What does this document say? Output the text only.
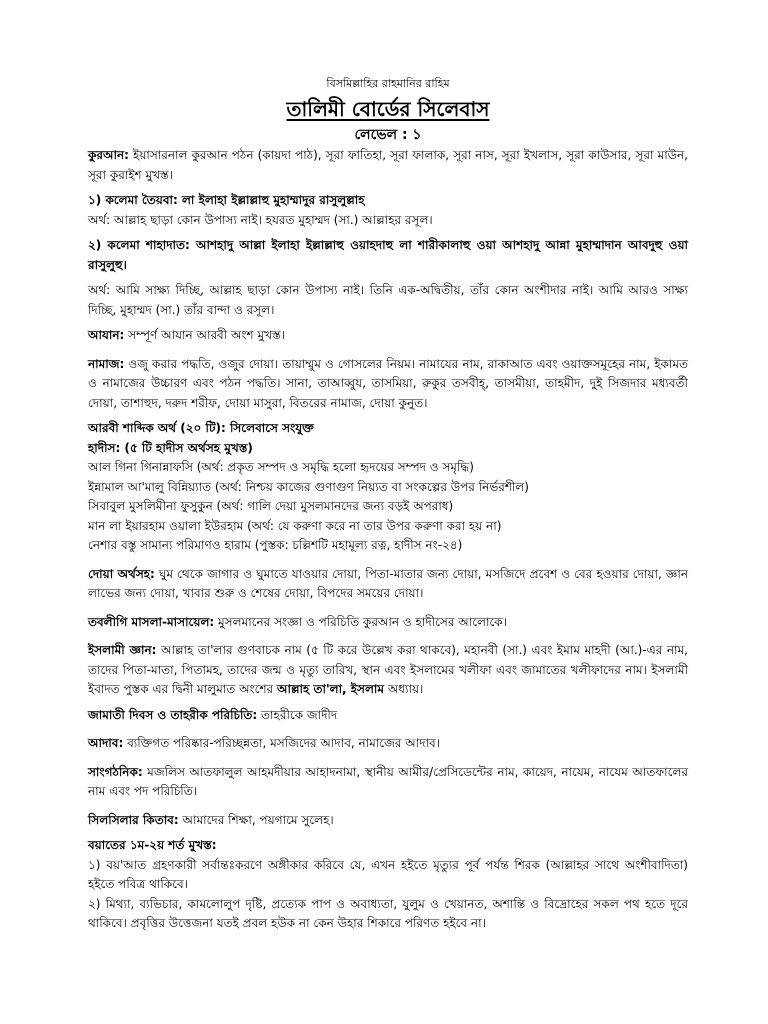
বিসমিল্লাহির রাহমানির রাহিম

তালিমী বোর্ডের সিলেবাস

লেভেল : ১

কুরআন: ইয়াসারনাল কুরআন পঠন (কায়দা পাঠ), সূরা ফাতিহা, সূরা ফালাক, সূরা নাস, সূরা ইখলাস, সূরা কাউসার, সূরা মাউন, সূরা কুরাইশ মুখস্ত।

১) কলেমা তৈয়বা: লা ইলাহা ইল্লাল্লাহু মুহাম্মাদুর রাসুলুল্লাহ

অর্থ: আল্লাহ ছাড়া কোন উপাস্য নাই। হযরত মুহাম্মদ (সা.) আল্লাহর রসূল।

২) কলেমা শাহাদাত: আশহাদু আল্লা ইলাহা ইল্লাল্লাহু ওয়াহদাহু লা শারীকালাহু ওয়া আশহাদু আন্না মুহাম্মাদান আবদুহু ওয়া রাসুলুহু।

অর্থ: আমি সাক্ষ্য দিচ্ছি, আল্লাহ ছাড়া কোন উপাস্য নাই। তিনি এক-অদ্বিতীয়, তাঁর কোন অংশীদার নাই। আমি আরও সাক্ষ্য দিচ্ছি, মুহাম্মদ (সা.) তাঁর বান্দা ও রসূল।

আযান: সম্পূর্ণ আযান আরবী অংশ মুখস্ত।

নামাজ: ওজু করার পদ্ধতি, ওজুর দোয়া। তায়াম্মুম ও গোসলের নিয়ম। নামাযের নাম, রাকাআত এবং ওয়াক্তসমূহের নাম, ইকামত ও নামাজের উচ্চারণ এবং পঠন পদ্ধতি। সানা, তাআব্বুয, তাসমিয়া, রুকুর তসবীহ্, তাসমীয়া, তাহমীদ, দুই সিজদার মধ্যবর্তী দোয়া, তাশাহুদ, দরুদ শরীফ, দোয়া মাসুরা, বিতরের নামাজ, দোয়া কুনুত।

আরবী শাব্দিক অর্থ (২০ টি): সিলেবাসে সংযুক্ত

হাদীস: (৫ টি হাদীস অর্থসহ মুখস্ত)

আল গিনা গিনান্নাফসি (অর্থ: প্রকৃত সম্পদ ও সমৃদ্ধি হলো হৃদয়ের সম্পদ ও সমৃদ্ধি)

ইন্নামাল আ'মালু বিন্নিয়্যাত (অর্থ: নিশ্চয় কাজের গুণাগুণ নিয়্যত বা সংকল্পের উপর নির্ভরশীল)

সিবাবুল মুসলিমীনা ফুসুকুন (অর্থ: গালি দেয়া মুসলমানদের জন্য বড়ই অপরাধ)

মান লা ইয়ারহাম ওয়ালা ইউরহাম (অর্থ: যে করুণা করে না তার উপর করুণা করা হয় না)

নেশার বস্তু সামান্য পরিমাণও হারাম (পুস্তক: চল্লিশটি মহামূল্য রত্ন, হাদীস নং-২৪)

দোয়া অর্থসহ: ঘুম থেকে জাগার ও ঘুমাতে যাওয়ার দোয়া, পিতা-মাতার জন্য দোয়া, মসজিদে প্রবেশ ও বের হওয়ার দোয়া, জ্ঞান লাভের জন্য দোয়া, খাবার শুরু ও শেষের দোয়া, বিপদের সময়ের দোয়া।

তবলীগি মাসলা-মাসায়েল: মুসলমানের সংজ্ঞা ও পরিচিতি কুরআন ও হাদীসের আলোকে।

ইসলামী জ্ঞান: আল্লাহ তা'লার গুণবাচক নাম (৫ টি করে উল্লেখ করা থাকবে), মহানবী (সা.) এবং ইমাম মাহদী (আ.)-এর নাম, তাদের পিতা-মাতা, পিতামহ, তাদের জন্ম ও মৃত্যু তারিখ, স্থান এবং ইসলামের খলীফা এবং জামাতের খলীফাদের নাম। ইসলামী ইবাদত পুস্তক এর দ্বিনী মালুমাত অংশের আল্লাহ তা'লা, ইসলাম অধ্যায়।

জামাতী দিবস ও তাহরীক পরিচিতি: তাহরীকে জাদীদ

আদাব: ব্যক্তিগত পরিষ্কার-পরিচ্ছন্নতা, মসজিদের আদাব, নামাজের আদাব।

সাংগঠনিক: মজলিস আতফালুল আহমদীয়ার আহাদনামা, স্থানীয় আমীর/প্রেসিডেন্টের নাম, কায়েদ, নাযেম, নাযেম আতফালের নাম এবং পদ পরিচিতি।

সিলসিলার কিতাব: আমাদের শিক্ষা, পয়গামে সুলেহ।

বয়াতের ১ম-২য় শর্ত মুখস্ত:

১) বয়'আত গ্রহণকারী সর্বান্তঃকরণে অঙ্গীকার করিবে যে, এখন হইতে মৃত্যুর পূর্ব পর্যন্ত শিরক (আল্লাহর সাথে অংশীবাদিতা) হইতে পবিত্র থাকিবে।

২) মিথ্যা, ব্যভিচার, কামলোলুপ দৃষ্টি, প্রত্যেক পাপ ও অবাধ্যতা, যুলুম ও খেয়ানত, অশান্তি ও বিদ্রোহের সকল পথ হতে দূরে থাকিবে। প্রবৃত্তির উত্তেজনা যতই প্রবল হউক না কেন উহার শিকারে পরিণত হইবে না।
